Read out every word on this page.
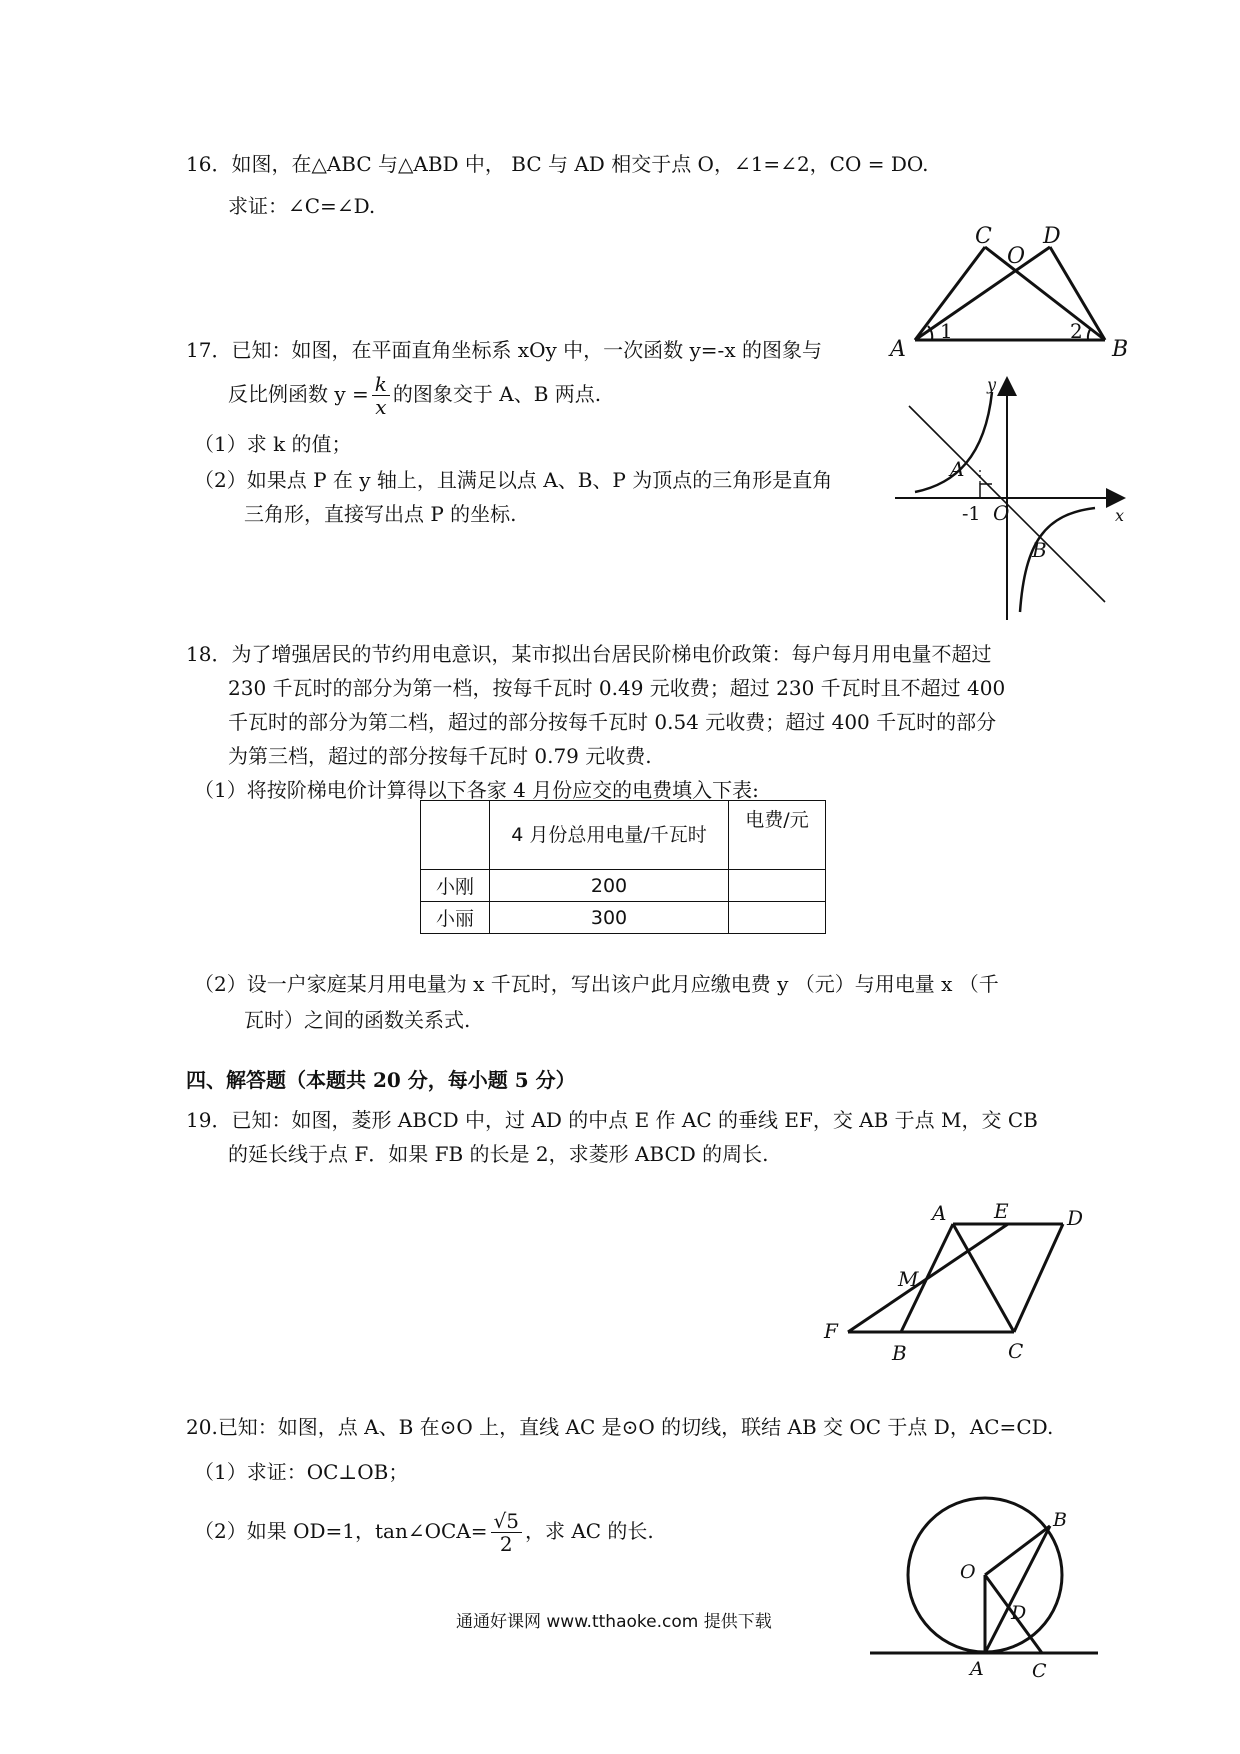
16．如图，在△ABC 与△ABD 中， BC 与 AD 相交于点 O，∠1=∠2，CO = DO.
求证：∠C=∠D.
A	B
C D
O
1	2
17．已知：如图，在平面直角坐标系 xOy 中，一次函数 y=-x 的图象与
反比例函数 $y = \frac{k}{x}$ 的图象交于 A、B 两点.
（1）求 k 的值；
（2）如果点 P 在 y 轴上，且满足以点 A、B、P 为顶点的三角形是直角
三角形，直接写出点 P 的坐标.
y
x
O
A
B
-1
18．为了增强居民的节约用电意识，某市拟出台居民阶梯电价政策：每户每月用电量不超过
230 千瓦时的部分为第一档，按每千瓦时 0.49 元收费；超过 230 千瓦时且不超过 400
千瓦时的部分为第二档，超过的部分按每千瓦时 0.54 元收费；超过 400 千瓦时的部分
为第三档，超过的部分按每千瓦时 0.79 元收费.
（1）将按阶梯电价计算得以下各家 4 月份应交的电费填入下表:
	4 月份总用电量/千瓦时	电费/元
小刚	200	
小丽	300	
（2）设一户家庭某月用电量为 x 千瓦时，写出该户此月应缴电费 y （元）与用电量 x （千
瓦时）之间的函数关系式.
四、解答题（本题共 20 分，每小题 5 分）
19．已知：如图，菱形 ABCD 中，过 AD 的中点 E 作 AC 的垂线 EF，交 AB 于点 M，交 CB
的延长线于点 F．如果 FB 的长是 2，求菱形 ABCD 的周长.
A E	D
M
F
B	C
20.已知：如图，点 A、B 在⊙O 上，直线 AC 是⊙O 的切线，联结 AB 交 OC 于点 D，AC=CD.
（1）求证：OC⊥OB；
（2）如果 OD=1，tan∠OCA= $\frac{√5}{2}$ ，求 AC 的长.
O
B
D
A	C
通通好课网 www.tthaoke.com 提供下载
